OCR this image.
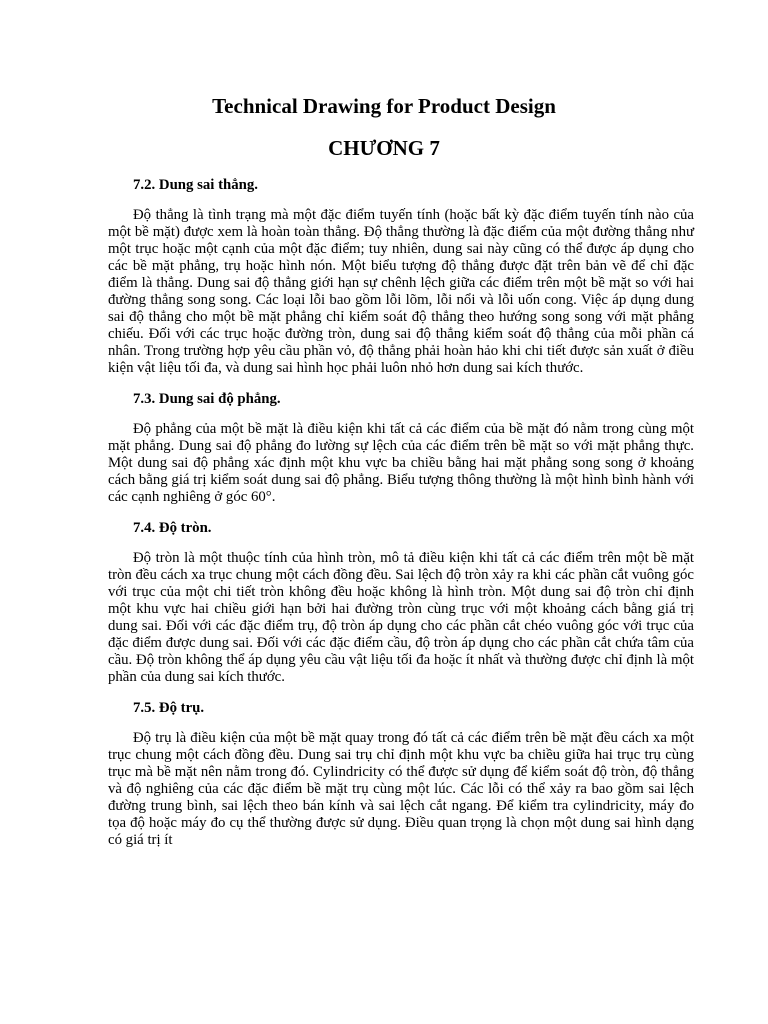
Technical Drawing for Product Design
CHƯƠNG 7

7.2. Dung sai thẳng.

Độ thẳng là tình trạng mà một đặc điểm tuyến tính (hoặc bất kỳ đặc điểm tuyến tính nào của một bề mặt) được xem là hoàn toàn thẳng. Độ thẳng thường là đặc điểm của một đường thẳng như một trục hoặc một cạnh của một đặc điểm; tuy nhiên, dung sai này cũng có thể được áp dụng cho các bề mặt phẳng, trụ hoặc hình nón. Một biểu tượng độ thẳng được đặt trên bản vẽ để chỉ đặc điểm là thẳng. Dung sai độ thẳng giới hạn sự chênh lệch giữa các điểm trên một bề mặt so với hai đường thẳng song song. Các loại lỗi bao gồm lỗi lõm, lỗi nổi và lỗi uốn cong. Việc áp dụng dung sai độ thẳng cho một bề mặt phẳng chỉ kiểm soát độ thẳng theo hướng song song với mặt phẳng chiếu. Đối với các trục hoặc đường tròn, dung sai độ thẳng kiểm soát độ thẳng của mỗi phần cá nhân. Trong trường hợp yêu cầu phần vỏ, độ thẳng phải hoàn hảo khi chi tiết được sản xuất ở điều kiện vật liệu tối đa, và dung sai hình học phải luôn nhỏ hơn dung sai kích thước.

7.3. Dung sai độ phẳng.

Độ phẳng của một bề mặt là điều kiện khi tất cả các điểm của bề mặt đó nằm trong cùng một mặt phẳng. Dung sai độ phẳng đo lường sự lệch của các điểm trên bề mặt so với mặt phẳng thực. Một dung sai độ phẳng xác định một khu vực ba chiều bằng hai mặt phẳng song song ở khoảng cách bằng giá trị kiểm soát dung sai độ phẳng. Biểu tượng thông thường là một hình bình hành với các cạnh nghiêng ở góc 60°.

7.4. Độ tròn.

Độ tròn là một thuộc tính của hình tròn, mô tả điều kiện khi tất cả các điểm trên một bề mặt tròn đều cách xa trục chung một cách đồng đều. Sai lệch độ tròn xảy ra khi các phần cắt vuông góc với trục của một chi tiết tròn không đều hoặc không là hình tròn. Một dung sai độ tròn chỉ định một khu vực hai chiều giới hạn bởi hai đường tròn cùng trục với một khoảng cách bằng giá trị dung sai. Đối với các đặc điểm trụ, độ tròn áp dụng cho các phần cắt chéo vuông góc với trục của đặc điểm được dung sai. Đối với các đặc điểm cầu, độ tròn áp dụng cho các phần cắt chứa tâm của cầu. Độ tròn không thể áp dụng yêu cầu vật liệu tối đa hoặc ít nhất và thường được chỉ định là một phần của dung sai kích thước.

7.5. Độ trụ.

Độ trụ là điều kiện của một bề mặt quay trong đó tất cả các điểm trên bề mặt đều cách xa một trục chung một cách đồng đều. Dung sai trụ chỉ định một khu vực ba chiều giữa hai trục trụ cùng trục mà bề mặt nên nằm trong đó. Cylindricity có thể được sử dụng để kiểm soát độ tròn, độ thẳng và độ nghiêng của các đặc điểm bề mặt trụ cùng một lúc. Các lỗi có thể xảy ra bao gồm sai lệch đường trung bình, sai lệch theo bán kính và sai lệch cắt ngang. Để kiểm tra cylindricity, máy đo tọa độ hoặc máy đo cụ thể thường được sử dụng. Điều quan trọng là chọn một dung sai hình dạng có giá trị ít
